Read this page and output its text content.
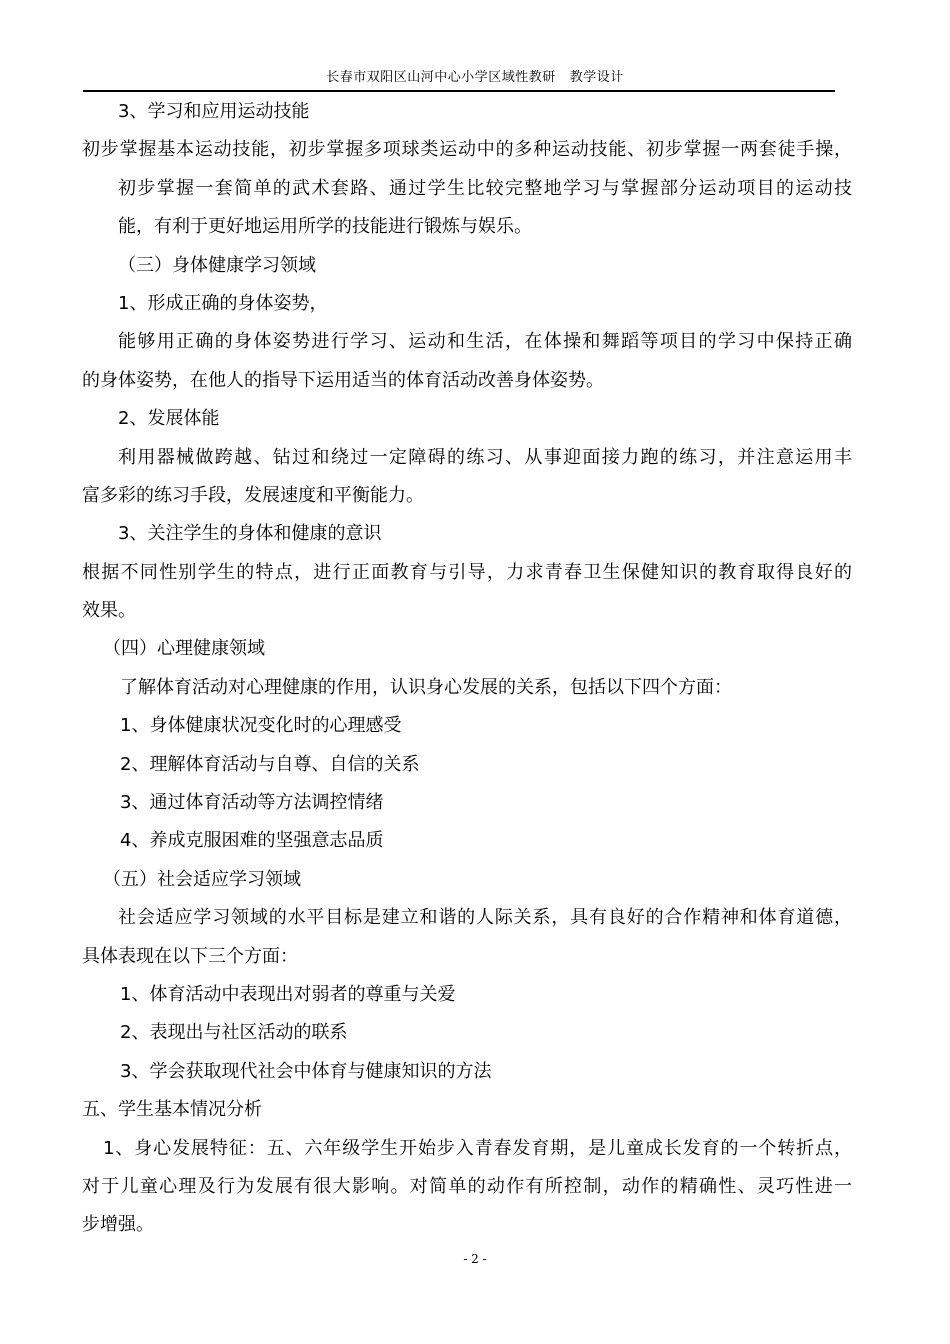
长春市双阳区山河中心小学区域性教研   教学设计
3、学习和应用运动技能
初步掌握基本运动技能，初步掌握多项球类运动中的多种运动技能、初步掌握一两套徒手操，
初步掌握一套简单的武术套路、通过学生比较完整地学习与掌握部分运动项目的运动技
能，有利于更好地运用所学的技能进行锻炼与娱乐。
（三）身体健康学习领域
1、形成正确的身体姿势，
能够用正确的身体姿势进行学习、运动和生活，在体操和舞蹈等项目的学习中保持正确
的身体姿势，在他人的指导下运用适当的体育活动改善身体姿势。
2、发展体能
利用器械做跨越、钻过和绕过一定障碍的练习、从事迎面接力跑的练习，并注意运用丰
富多彩的练习手段，发展速度和平衡能力。
3、关注学生的身体和健康的意识
根据不同性别学生的特点，进行正面教育与引导，力求青春卫生保健知识的教育取得良好的
效果。
（四）心理健康领域
了解体育活动对心理健康的作用，认识身心发展的关系，包括以下四个方面：
1、身体健康状况变化时的心理感受
2、理解体育活动与自尊、自信的关系
3、通过体育活动等方法调控情绪
4、养成克服困难的坚强意志品质
（五）社会适应学习领域
社会适应学习领域的水平目标是建立和谐的人际关系，具有良好的合作精神和体育道德，
具体表现在以下三个方面：
1、体育活动中表现出对弱者的尊重与关爱
2、表现出与社区活动的联系
3、学会获取现代社会中体育与健康知识的方法
五、学生基本情况分析
1、身心发展特征：五、六年级学生开始步入青春发育期，是儿童成长发育的一个转折点，
对于儿童心理及行为发展有很大影响。对简单的动作有所控制，动作的精确性、灵巧性进一
步增强。
- 2 -
